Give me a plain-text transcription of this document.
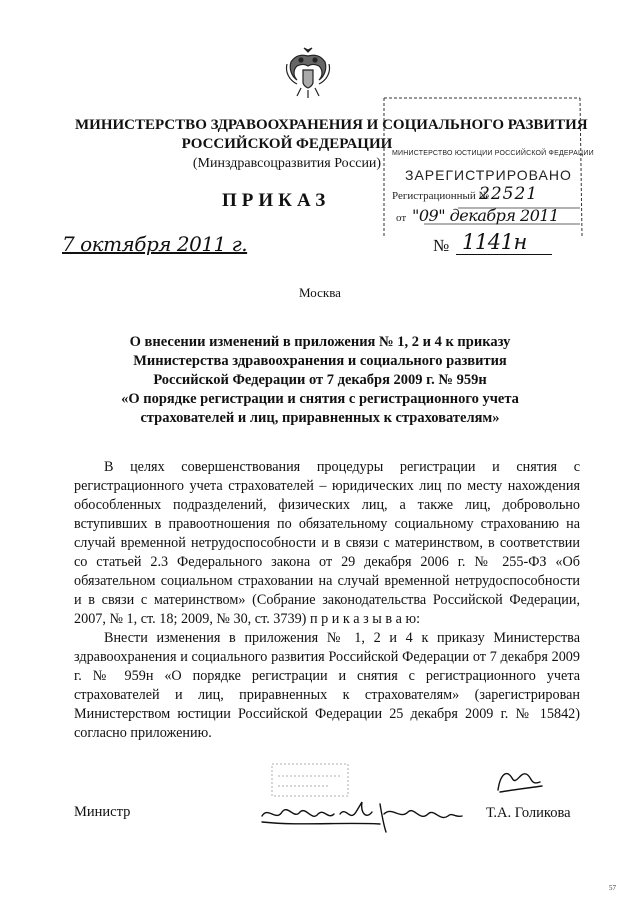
МИНИСТЕРСТВО ЗДРАВООХРАНЕНИЯ И СОЦИАЛЬНОГО РАЗВИТИЯ
РОССИЙСКОЙ ФЕДЕРАЦИИ
(Минздравсоцразвития России)
МИНИСТЕРСТВО ЮСТИЦИИ РОССИЙСКОЙ ФЕДЕРАЦИИ
ЗАРЕГИСТРИРОВАНО
Регистрационный №
22521
от "09" декабря 2011
ПРИКАЗ
7 октября 2011 г.	№ 1141н
Москва
О внесении изменений в приложения № 1, 2 и 4 к приказу
Министерства здравоохранения и социального развития
Российской Федерации от 7 декабря 2009 г. № 959н
«О порядке регистрации и снятия с регистрационного учета
страхователей и лиц, приравненных к страхователям»
В целях совершенствования процедуры регистрации и снятия с регистрационного учета страхователей – юридических лиц по месту нахождения обособленных подразделений, физических лиц, а также лиц, добровольно вступивших в правоотношения по обязательному социальному страхованию на случай временной нетрудоспособности и в связи с материнством, в соответствии со статьей 2.3 Федерального закона от 29 декабря 2006 г. № 255-ФЗ «Об обязательном социальном страховании на случай временной нетрудоспособности и в связи с материнством» (Собрание законодательства Российской Федерации, 2007, № 1, ст. 18; 2009, № 30, ст. 3739) п р и к а з ы в а ю:
Внести изменения в приложения № 1, 2 и 4 к приказу Министерства здравоохранения и социального развития Российской Федерации от 7 декабря 2009 г. № 959н «О порядке регистрации и снятия с регистрационного учета страхователей и лиц, приравненных к страхователям» (зарегистрирован Министерством юстиции Российской Федерации 25 декабря 2009 г. № 15842) согласно приложению.
Министр	Т.А. Голикова
57
